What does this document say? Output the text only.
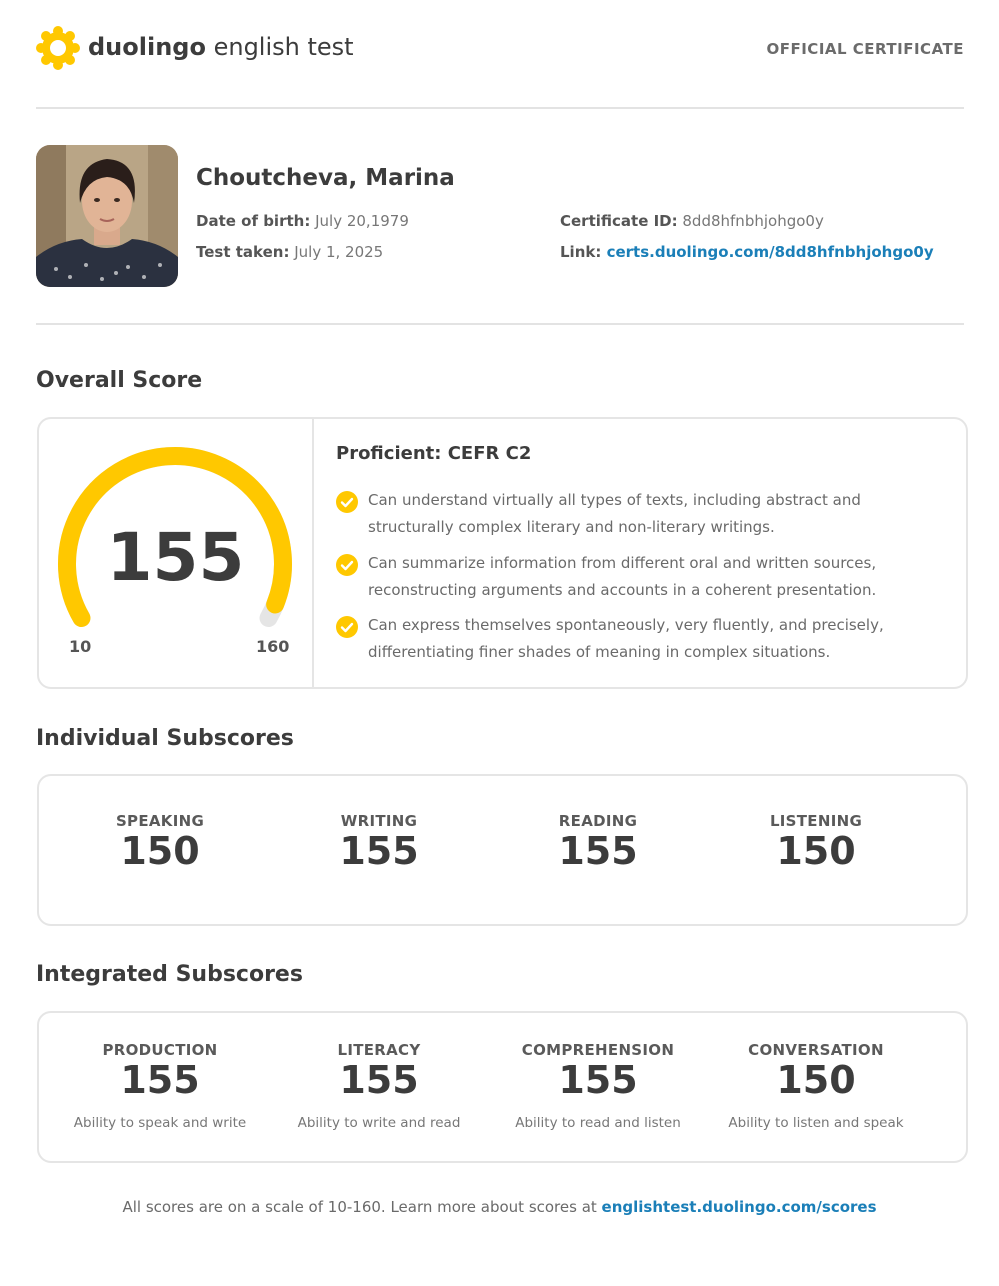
duolingo english test	OFFICIAL CERTIFICATE
Choutcheva, Marina
Date of birth: July 20,1979
Test taken: July 1, 2025
Certificate ID: 8dd8hfnbhjohgo0y
Link: certs.duolingo.com/8dd8hfnbhjohgo0y
Overall Score
155
10	160
Proficient: CEFR C2
Can understand virtually all types of texts, including abstract and structurally complex literary and non-literary writings.
Can summarize information from different oral and written sources, reconstructing arguments and accounts in a coherent presentation.
Can express themselves spontaneously, very fluently, and precisely, differentiating finer shades of meaning in complex situations.
Individual Subscores
SPEAKING
150
WRITING
155
READING
155
LISTENING
150
Integrated Subscores
PRODUCTION
155
Ability to speak and write
LITERACY
155
Ability to write and read
COMPREHENSION
155
Ability to read and listen
CONVERSATION
150
Ability to listen and speak
All scores are on a scale of 10-160. Learn more about scores at englishtest.duolingo.com/scores
